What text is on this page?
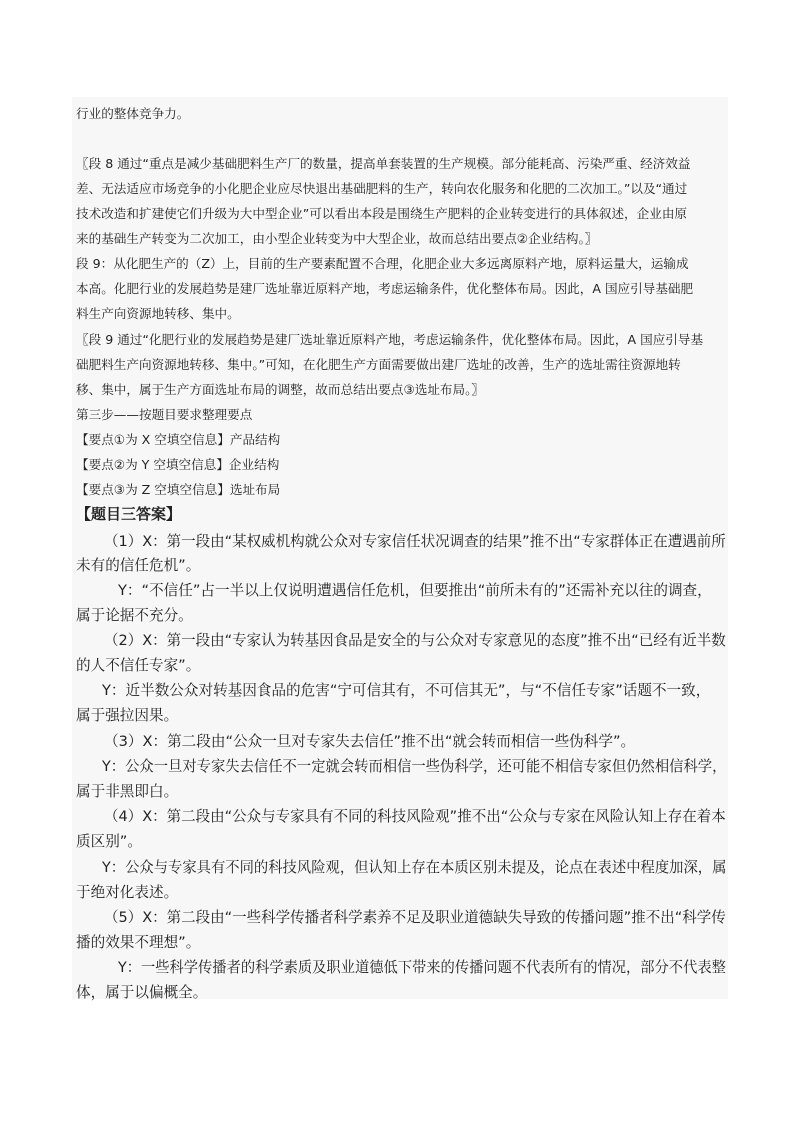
行业的整体竞争力。
〖段 8 通过“重点是减少基础肥料生产厂的数量，提高单套装置的生产规模。部分能耗高、污染严重、经济效益
差、无法适应市场竞争的小化肥企业应尽快退出基础肥料的生产，转向农化服务和化肥的二次加工。”以及“通过
技术改造和扩建使它们升级为大中型企业”可以看出本段是围绕生产肥料的企业转变进行的具体叙述，企业由原
来的基础生产转变为二次加工，由小型企业转变为中大型企业，故而总结出要点②企业结构。〗
段 9：从化肥生产的（Z）上，目前的生产要素配置不合理，化肥企业大多远离原料产地，原料运量大，运输成
本高。化肥行业的发展趋势是建厂选址靠近原料产地，考虑运输条件，优化整体布局。因此，A 国应引导基础肥
料生产向资源地转移、集中。
〖段 9 通过“化肥行业的发展趋势是建厂选址靠近原料产地，考虑运输条件，优化整体布局。因此，A 国应引导基
础肥料生产向资源地转移、集中。”可知，在化肥生产方面需要做出建厂选址的改善，生产的选址需往资源地转
移、集中，属于生产方面选址布局的调整，故而总结出要点③选址布局。〗
第三步——按题目要求整理要点
【要点①为 X 空填空信息】产品结构
【要点②为 Y 空填空信息】企业结构
【要点③为 Z 空填空信息】选址布局
【题目三答案】
（1）X：第一段由“某权威机构就公众对专家信任状况调查的结果”推不出“专家群体正在遭遇前所
未有的信任危机”。
Y：“不信任”占一半以上仅说明遭遇信任危机，但要推出“前所未有的”还需补充以往的调查，
属于论据不充分。
（2）X：第一段由“专家认为转基因食品是安全的与公众对专家意见的态度”推不出“已经有近半数
的人不信任专家”。
Y：近半数公众对转基因食品的危害“宁可信其有，不可信其无”，与“不信任专家”话题不一致，
属于强拉因果。
（3）X：第二段由“公众一旦对专家失去信任”推不出“就会转而相信一些伪科学”。
Y：公众一旦对专家失去信任不一定就会转而相信一些伪科学，还可能不相信专家但仍然相信科学，
属于非黑即白。
（4）X：第二段由“公众与专家具有不同的科技风险观”推不出“公众与专家在风险认知上存在着本
质区别”。
Y：公众与专家具有不同的科技风险观，但认知上存在本质区别未提及，论点在表述中程度加深，属
于绝对化表述。
（5）X：第二段由“一些科学传播者科学素养不足及职业道德缺失导致的传播问题”推不出“科学传
播的效果不理想”。
Y：一些科学传播者的科学素质及职业道德低下带来的传播问题不代表所有的情况，部分不代表整
体，属于以偏概全。
